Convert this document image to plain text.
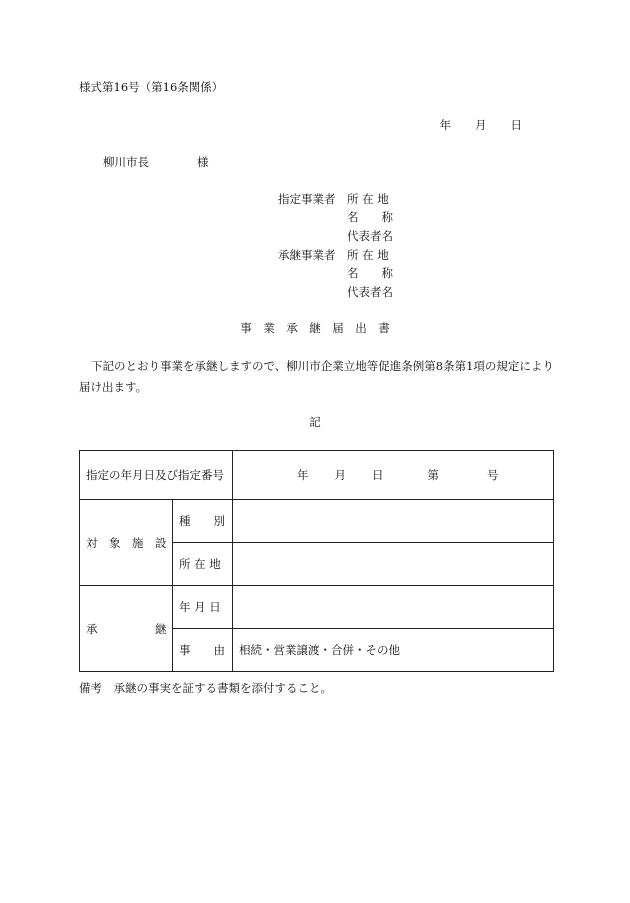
様式第16号（第16条関係）
年 月 日
柳川市長	様
指定事業者 所 在 地
名　　称
代表者名
承継事業者 所 在 地
名　　称
代表者名
事　業　承　継　届　出　書
下記のとおり事業を承継しますので、柳川市企業立地等促進条例第8条第1項の規定により届け出ます。
記
指定の年月日及び指定番号		年 月 日 第 号
対　象　施　設	種　　別	
	所 在 地	
承　　　　　継	年 月 日	
	事　　由	相続・営業譲渡・合併・その他
備考　承継の事実を証する書類を添付すること。
